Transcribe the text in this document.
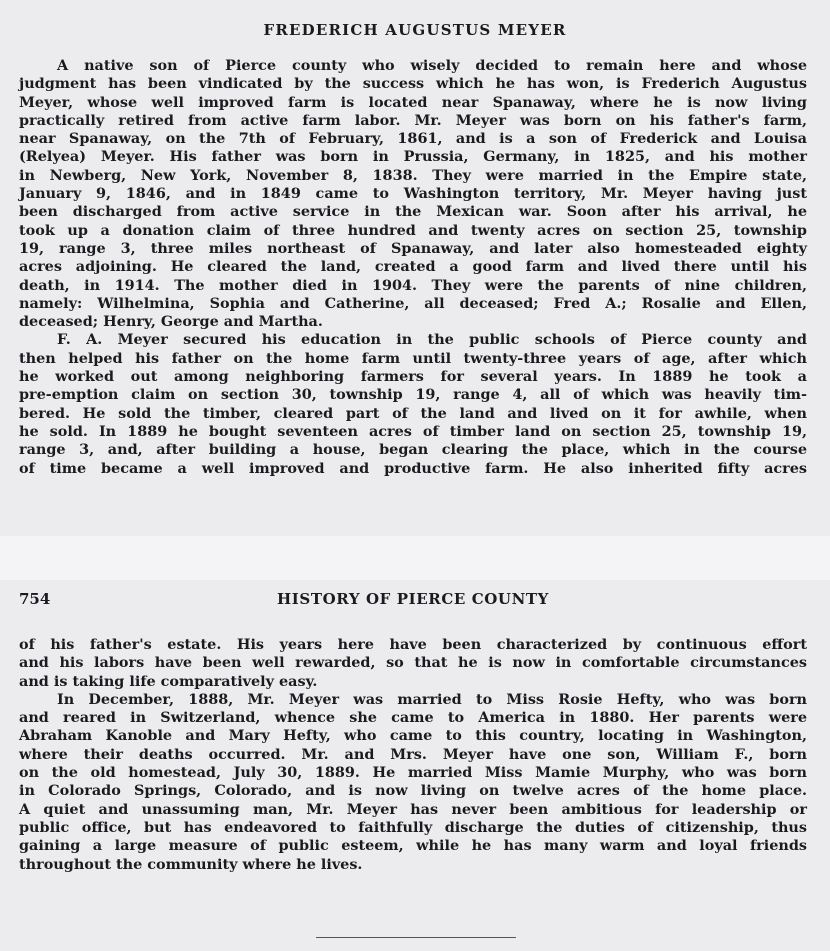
FREDERICH AUGUSTUS MEYER
A native son of Pierce county who wisely decided to remain here and whose
judgment has been vindicated by the success which he has won, is Frederich Augustus
Meyer, whose well improved farm is located near Spanaway, where he is now living
practically retired from active farm labor. Mr. Meyer was born on his father's farm,
near Spanaway, on the 7th of February, 1861, and is a son of Frederick and Louisa
(Relyea) Meyer. His father was born in Prussia, Germany, in 1825, and his mother
in Newberg, New York, November 8, 1838. They were married in the Empire state,
January 9, 1846, and in 1849 came to Washington territory, Mr. Meyer having just
been discharged from active service in the Mexican war. Soon after his arrival, he
took up a donation claim of three hundred and twenty acres on section 25, township
19, range 3, three miles northeast of Spanaway, and later also homesteaded eighty
acres adjoining. He cleared the land, created a good farm and lived there until his
death, in 1914. The mother died in 1904. They were the parents of nine children,
namely: Wilhelmina, Sophia and Catherine, all deceased; Fred A.; Rosalie and Ellen,
deceased; Henry, George and Martha.
F. A. Meyer secured his education in the public schools of Pierce county and
then helped his father on the home farm until twenty-three years of age, after which
he worked out among neighboring farmers for several years. In 1889 he took a
pre-emption claim on section 30, township 19, range 4, all of which was heavily tim-
bered. He sold the timber, cleared part of the land and lived on it for awhile, when
he sold. In 1889 he bought seventeen acres of timber land on section 25, township 19,
range 3, and, after building a house, began clearing the place, which in the course
of time became a well improved and productive farm. He also inherited fifty acres
754	HISTORY OF PIERCE COUNTY
of his father's estate. His years here have been characterized by continuous effort
and his labors have been well rewarded, so that he is now in comfortable circumstances
and is taking life comparatively easy.
In December, 1888, Mr. Meyer was married to Miss Rosie Hefty, who was born
and reared in Switzerland, whence she came to America in 1880. Her parents were
Abraham Kanoble and Mary Hefty, who came to this country, locating in Washington,
where their deaths occurred. Mr. and Mrs. Meyer have one son, William F., born
on the old homestead, July 30, 1889. He married Miss Mamie Murphy, who was born
in Colorado Springs, Colorado, and is now living on twelve acres of the home place.
A quiet and unassuming man, Mr. Meyer has never been ambitious for leadership or
public office, but has endeavored to faithfully discharge the duties of citizenship, thus
gaining a large measure of public esteem, while he has many warm and loyal friends
throughout the community where he lives.
